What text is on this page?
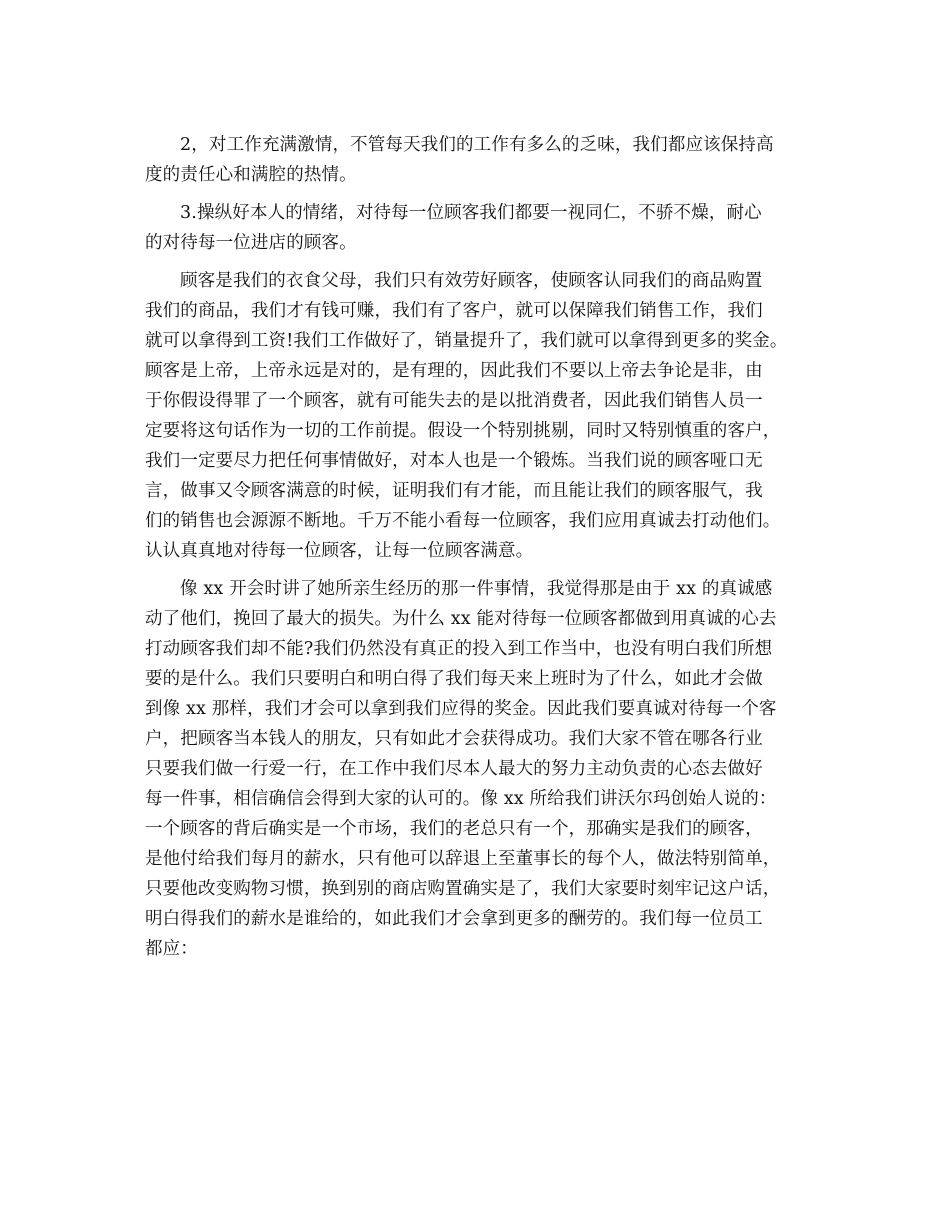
2，对工作充满激情，不管每天我们的工作有多么的乏味，我们都应该保持高
度的责任心和满腔的热情。
3.操纵好本人的情绪，对待每一位顾客我们都要一视同仁，不骄不燥，耐心
的对待每一位进店的顾客。
顾客是我们的衣食父母，我们只有效劳好顾客，使顾客认同我们的商品购置
我们的商品，我们才有钱可赚，我们有了客户，就可以保障我们销售工作，我们
就可以拿得到工资!我们工作做好了，销量提升了，我们就可以拿得到更多的奖金。
顾客是上帝，上帝永远是对的，是有理的，因此我们不要以上帝去争论是非，由
于你假设得罪了一个顾客，就有可能失去的是以批消费者，因此我们销售人员一
定要将这句话作为一切的工作前提。假设一个特别挑剔，同时又特别慎重的客户，
我们一定要尽力把任何事情做好，对本人也是一个锻炼。当我们说的顾客哑口无
言，做事又令顾客满意的时候，证明我们有才能，而且能让我们的顾客服气，我
们的销售也会源源不断地。千万不能小看每一位顾客，我们应用真诚去打动他们。
认认真真地对待每一位顾客，让每一位顾客满意。
像 xx 开会时讲了她所亲生经历的那一件事情，我觉得那是由于 xx 的真诚感
动了他们，挽回了最大的损失。为什么 xx 能对待每一位顾客都做到用真诚的心去
打动顾客我们却不能?我们仍然没有真正的投入到工作当中，也没有明白我们所想
要的是什么。我们只要明白和明白得了我们每天来上班时为了什么，如此才会做
到像 xx 那样，我们才会可以拿到我们应得的奖金。因此我们要真诚对待每一个客
户，把顾客当本钱人的朋友，只有如此才会获得成功。我们大家不管在哪各行业
只要我们做一行爱一行，在工作中我们尽本人最大的努力主动负责的心态去做好
每一件事，相信确信会得到大家的认可的。像 xx 所给我们讲沃尔玛创始人说的：
一个顾客的背后确实是一个市场，我们的老总只有一个，那确实是我们的顾客，
是他付给我们每月的薪水，只有他可以辞退上至董事长的每个人，做法特别简单，
只要他改变购物习惯，换到别的商店购置确实是了，我们大家要时刻牢记这户话，
明白得我们的薪水是谁给的，如此我们才会拿到更多的酬劳的。我们每一位员工
都应：
